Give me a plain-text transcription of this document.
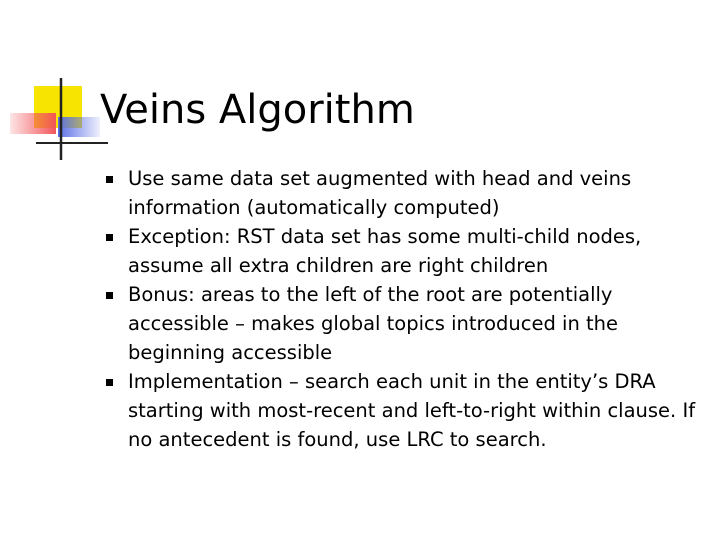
Veins Algorithm
Use same data set augmented with head and veins information (automatically computed)
Exception: RST data set has some multi-child nodes, assume all extra children are right children
Bonus: areas to the left of the root are potentially accessible – makes global topics introduced in the beginning accessible
Implementation – search each unit in the entity’s DRA starting with most-recent and left-to-right within clause. If no antecedent is found, use LRC to search.
